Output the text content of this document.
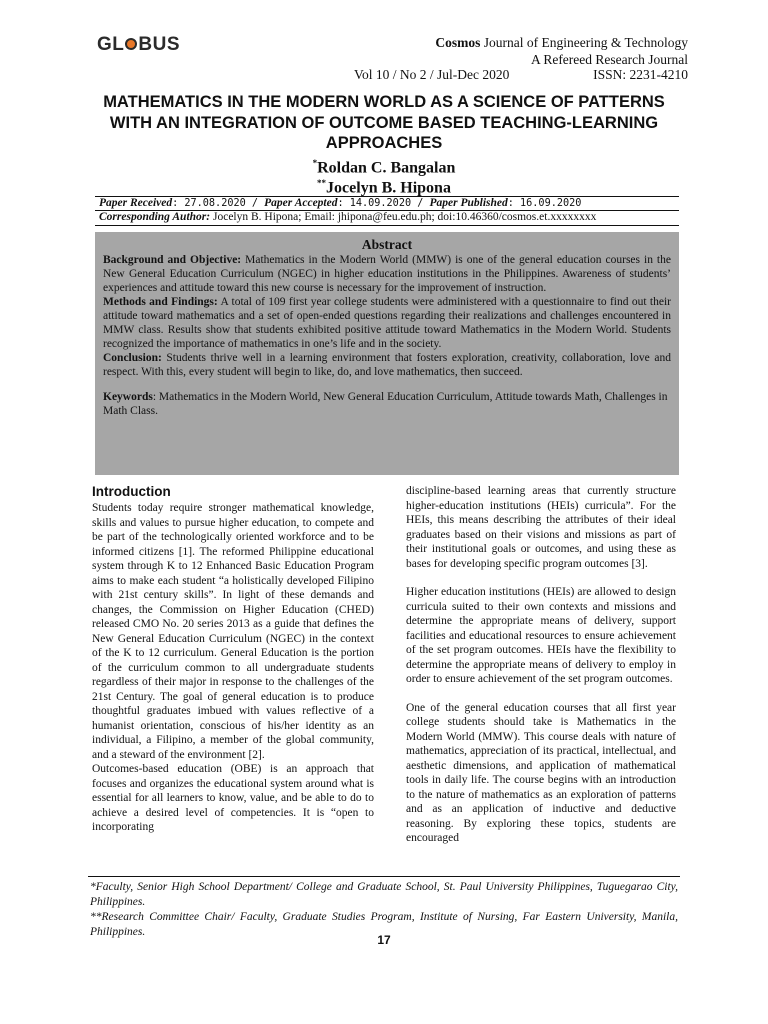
GL BUS	Cosmos Journal of Engineering & Technology
A Refereed Research Journal
Vol 10 / No 2 / Jul-Dec 2020	ISSN: 2231-4210
MATHEMATICS IN THE MODERN WORLD AS A SCIENCE OF PATTERNS WITH AN INTEGRATION OF OUTCOME BASED TEACHING-LEARNING APPROACHES
*Roldan C. Bangalan
**Jocelyn B. Hipona
Paper Received: 27.08.2020 / Paper Accepted: 14.09.2020 / Paper Published: 16.09.2020
Corresponding Author: Jocelyn B. Hipona; Email: jhipona@feu.edu.ph; doi:10.46360/cosmos.et.xxxxxxxx
Abstract

Background and Objective: Mathematics in the Modern World (MMW) is one of the general education courses in the New General Education Curriculum (NGEC) in higher education institutions in the Philippines. Awareness of students’ experiences and attitude toward this new course is necessary for the improvement of instruction.

Methods and Findings: A total of 109 first year college students were administered with a questionnaire to find out their attitude toward mathematics and a set of open-ended questions regarding their realizations and challenges encountered in MMW class. Results show that students exhibited positive attitude toward Mathematics in the Modern World. Students recognized the importance of mathematics in one’s life and in the society.

Conclusion: Students thrive well in a learning environment that fosters exploration, creativity, collaboration, love and respect. With this, every student will begin to like, do, and love mathematics, then succeed.

Keywords: Mathematics in the Modern World, New General Education Curriculum, Attitude towards Math, Challenges in Math Class.

Introduction

Students today require stronger mathematical knowledge, skills and values to pursue higher education, to compete and be part of the technologically oriented workforce and to be informed citizens [1]. The reformed Philippine educational system through K to 12 Enhanced Basic Education Program aims to make each student “a holistically developed Filipino with 21st century skills”. In light of these demands and changes, the Commission on Higher Education (CHED) released CMO No. 20 series 2013 as a guide that defines the New General Education Curriculum (NGEC) in the context of the K to 12 curriculum. General Education is the portion of the curriculum common to all undergraduate students regardless of their major in response to the challenges of the 21st Century. The goal of general education is to produce thoughtful graduates imbued with values reflective of a humanist orientation, conscious of his/her identity as an individual, a Filipino, a member of the global community, and a steward of the environment [2].

Outcomes-based education (OBE) is an approach that focuses and organizes the educational system around what is essential for all learners to know, value, and be able to do to achieve a desired level of competencies. It is “open to incorporating

discipline-based learning areas that currently structure higher-education institutions (HEIs) curricula”. For the HEIs, this means describing the attributes of their ideal graduates based on their visions and missions as part of their institutional goals or outcomes, and using these as bases for developing specific program outcomes [3].

Higher education institutions (HEIs) are allowed to design curricula suited to their own contexts and missions and determine the appropriate means of delivery, support facilities and educational resources to ensure achievement of the set program outcomes. HEIs have the flexibility to determine the appropriate means of delivery to employ in order to ensure achievement of the set program outcomes.

One of the general education courses that all first year college students should take is Mathematics in the Modern World (MMW). This course deals with nature of mathematics, appreciation of its practical, intellectual, and aesthetic dimensions, and application of mathematical tools in daily life. The course begins with an introduction to the nature of mathematics as an exploration of patterns and as an application of inductive and deductive reasoning. By exploring these topics, students are encouraged

*Faculty, Senior High School Department/ College and Graduate School, St. Paul University Philippines, Tuguegarao City, Philippines.

**Research Committee Chair/ Faculty, Graduate Studies Program, Institute of Nursing, Far Eastern University, Manila, Philippines.

17
